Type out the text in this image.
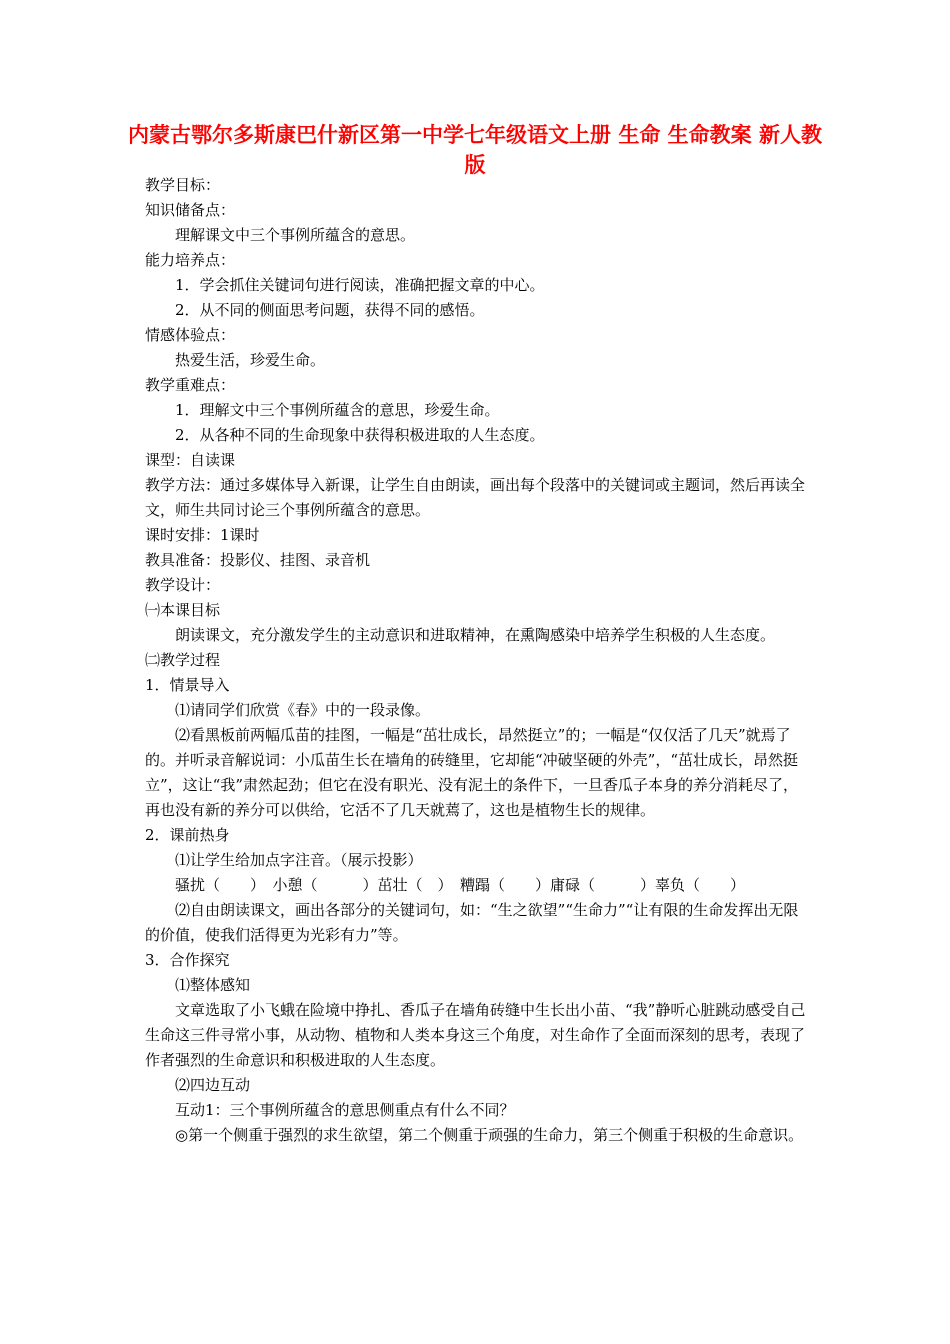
内蒙古鄂尔多斯康巴什新区第一中学七年级语文上册 生命 生命教案 新人教版

教学目标：

知识储备点：

理解课文中三个事例所蕴含的意思。

能力培养点：

1．学会抓住关键词句进行阅读，准确把握文章的中心。

2．从不同的侧面思考问题，获得不同的感悟。

情感体验点：

热爱生活，珍爱生命。

教学重难点：

1．理解文中三个事例所蕴含的意思，珍爱生命。

2．从各种不同的生命现象中获得积极进取的人生态度。

课型：自读课

教学方法：通过多媒体导入新课，让学生自由朗读，画出每个段落中的关键词或主题词，然后再读全文，师生共同讨论三个事例所蕴含的意思。

课时安排：1课时

教具准备：投影仪、挂图、录音机

教学设计：

㈠本课目标

朗读课文，充分激发学生的主动意识和进取精神，在熏陶感染中培养学生积极的人生态度。

㈡教学过程

1．情景导入

⑴请同学们欣赏《春》中的一段录像。

⑵看黑板前两幅瓜苗的挂图，一幅是“茁壮成长，昂然挺立”的；一幅是“仅仅活了几天”就焉了的。并听录音解说词：小瓜苗生长在墙角的砖缝里，它却能“冲破坚硬的外壳”，“茁壮成长，昂然挺立”，这让“我”肃然起劲；但它在没有职光、没有泥土的条件下，一旦香瓜子本身的养分消耗尽了，再也没有新的养分可以供给，它活不了几天就蔫了，这也是植物生长的规律。

2．课前热身

⑴让学生给加点字注音。（展示投影）

骚扰（　　）　小憩（　　　）茁壮（　）　糟蹋（　　）庸碌（　　　）辜负（　　）

⑵自由朗读课文，画出各部分的关键词句，如：“生之欲望”“生命力”“让有限的生命发挥出无限的价值，使我们活得更为光彩有力”等。

3．合作探究

⑴整体感知

文章选取了小飞蛾在险境中挣扎、香瓜子在墙角砖缝中生长出小苗、“我”静听心脏跳动感受自己生命这三件寻常小事，从动物、植物和人类本身这三个角度，对生命作了全面而深刻的思考，表现了作者强烈的生命意识和积极进取的人生态度。

⑵四边互动

互动1：三个事例所蕴含的意思侧重点有什么不同？

◎第一个侧重于强烈的求生欲望，第二个侧重于顽强的生命力，第三个侧重于积极的生命意识。
